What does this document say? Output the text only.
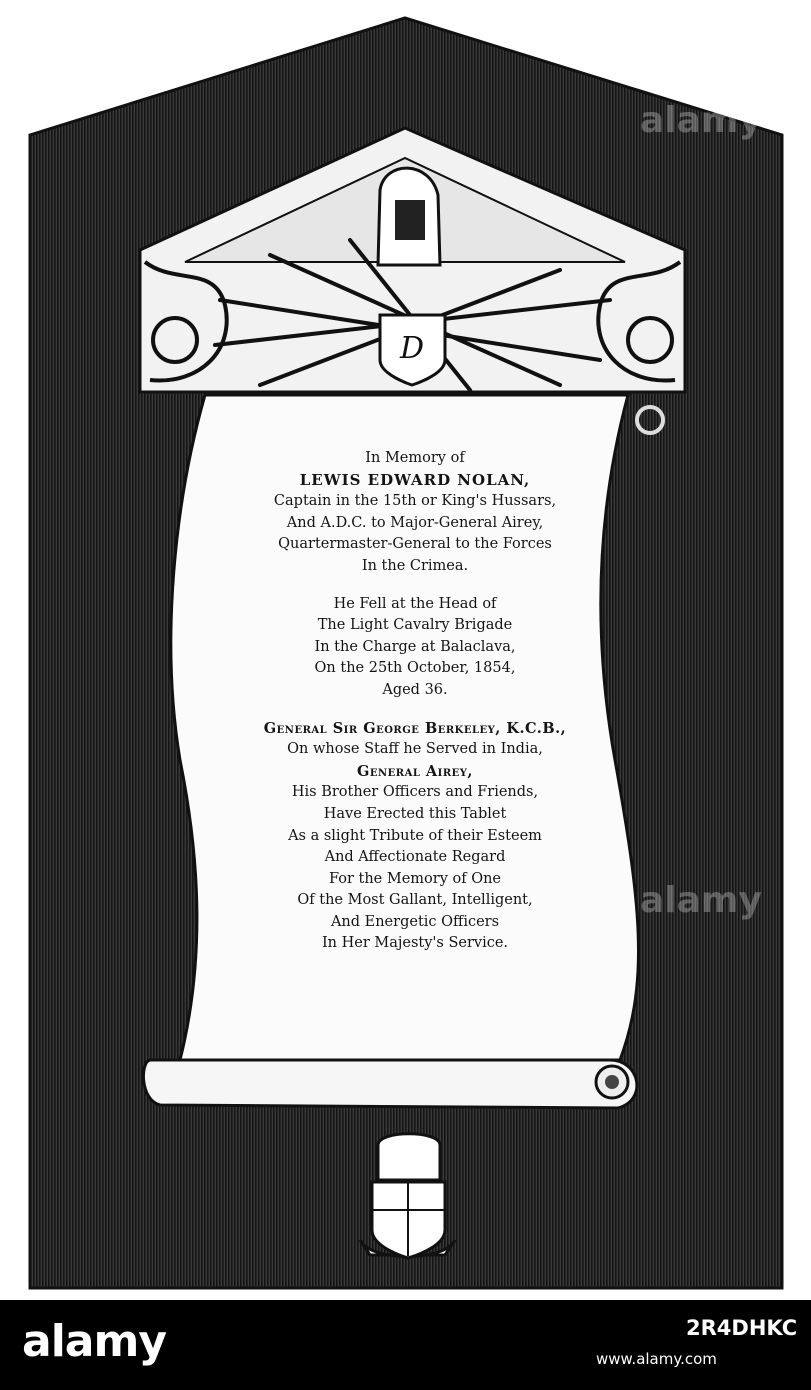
D
In Memory of
LEWIS EDWARD NOLAN,
Captain in the 15th or King's Hussars,
And A.D.C. to Major-General Airey,
Quartermaster-General to the Forces
In the Crimea.
He Fell at the Head of
The Light Cavalry Brigade
In the Charge at Balaclava,
On the 25th October, 1854,
Aged 36.
General Sir George Berkeley, K.C.B.,
On whose Staff he Served in India,
General Airey,
His Brother Officers and Friends,
Have Erected this Tablet
As a slight Tribute of their Esteem
And Affectionate Regard
For the Memory of One
Of the Most Gallant, Intelligent,
And Energetic Officers
In Her Majesty's Service.
alamy
alamy
alamy	2R4DHKC
www.alamy.com
